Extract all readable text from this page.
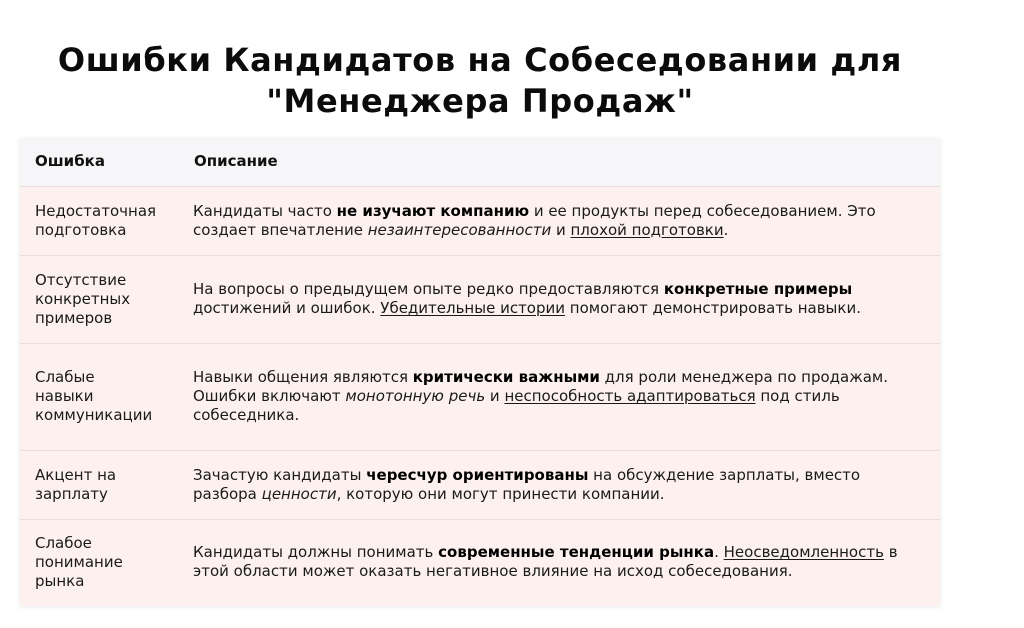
Ошибки Кандидатов на Собеседовании для
"Менеджера Продаж"
Ошибка	Описание
Недостаточная
подготовка	Кандидаты часто не изучают компанию и ее продукты перед собеседованием. Это создает впечатление незаинтересованности и плохой подготовки.
Отсутствие
конкретных
примеров	На вопросы о предыдущем опыте редко предоставляются конкретные примеры достижений и ошибок. Убедительные истории помогают демонстрировать навыки.
Слабые
навыки
коммуникации	Навыки общения являются критически важными для роли менеджера по продажам. Ошибки включают монотонную речь и неспособность адаптироваться под стиль собеседника.
Акцент на
зарплату	Зачастую кандидаты чересчур ориентированы на обсуждение зарплаты, вместо разбора ценности, которую они могут принести компании.
Слабое
понимание
рынка	Кандидаты должны понимать современные тенденции рынка. Неосведомленность в этой области может оказать негативное влияние на исход собеседования.
